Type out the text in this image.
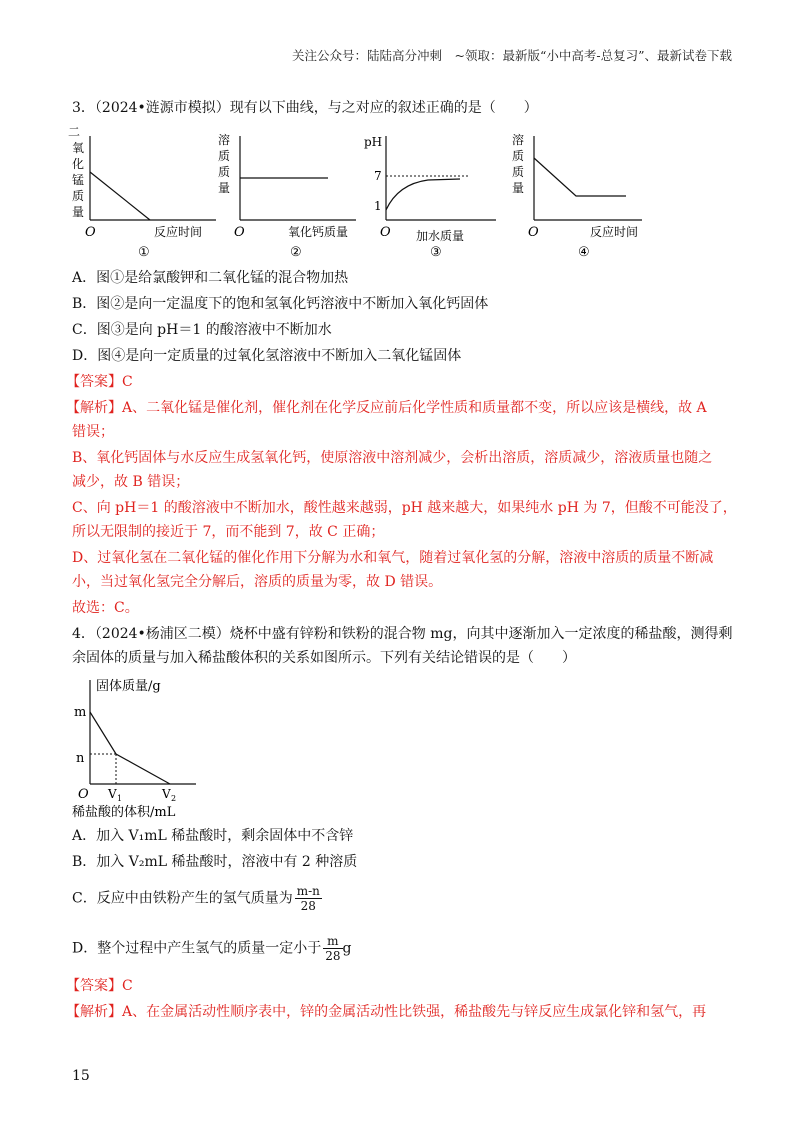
关注公众号：陆陆高分冲刺　~领取：最新版“小中高考-总复习”、最新试卷下载
3．（2024•涟源市模拟）现有以下曲线，与之对应的叙述正确的是（　　）
二
氧
化
锰
质
量
O	反应时间
①
溶
质
质
量
O	氧化钙质量
②
pH
7
1
O 加水质量
③
溶
质
质
量
O	反应时间
④
A．图①是给氯酸钾和二氧化锰的混合物加热
B．图②是向一定温度下的饱和氢氧化钙溶液中不断加入氧化钙固体
C．图③是向 pH＝1 的酸溶液中不断加水
D．图④是向一定质量的过氧化氢溶液中不断加入二氧化锰固体
【答案】C
【解析】A、二氧化锰是催化剂，催化剂在化学反应前后化学性质和质量都不变，所以应该是横线，故 A
错误；
B、氧化钙固体与水反应生成氢氧化钙，使原溶液中溶剂减少，会析出溶质，溶质减少，溶液质量也随之
减少，故 B 错误；
C、向 pH＝1 的酸溶液中不断加水，酸性越来越弱，pH 越来越大，如果纯水 pH 为 7，但酸不可能没了，
所以无限制的接近于 7，而不能到 7，故 C 正确；
D、过氧化氢在二氧化锰的催化作用下分解为水和氧气，随着过氧化氢的分解，溶液中溶质的质量不断减
小，当过氧化氢完全分解后，溶质的质量为零，故 D 错误。
故选：C。
4．（2024•杨浦区二模）烧杯中盛有锌粉和铁粉的混合物 mg，向其中逐渐加入一定浓度的稀盐酸，测得剩
余固体的质量与加入稀盐酸体积的关系如图所示。下列有关结论错误的是（　　）
固体质量/g
m
n
O V 1	V 2
稀盐酸的体积/mL
A．加入 V₁mL 稀盐酸时，剩余固体中不含锌
B．加入 V₂mL 稀盐酸时，溶液中有 2 种溶质
C．反应中由铁粉产生的氢气质量为 $\frac{m-n}{28}$
D．整个过程中产生氢气的质量一定小于 $\frac{m}{28}$ g
【答案】C
【解析】A、在金属活动性顺序表中，锌的金属活动性比铁强，稀盐酸先与锌反应生成氯化锌和氢气，再
15
